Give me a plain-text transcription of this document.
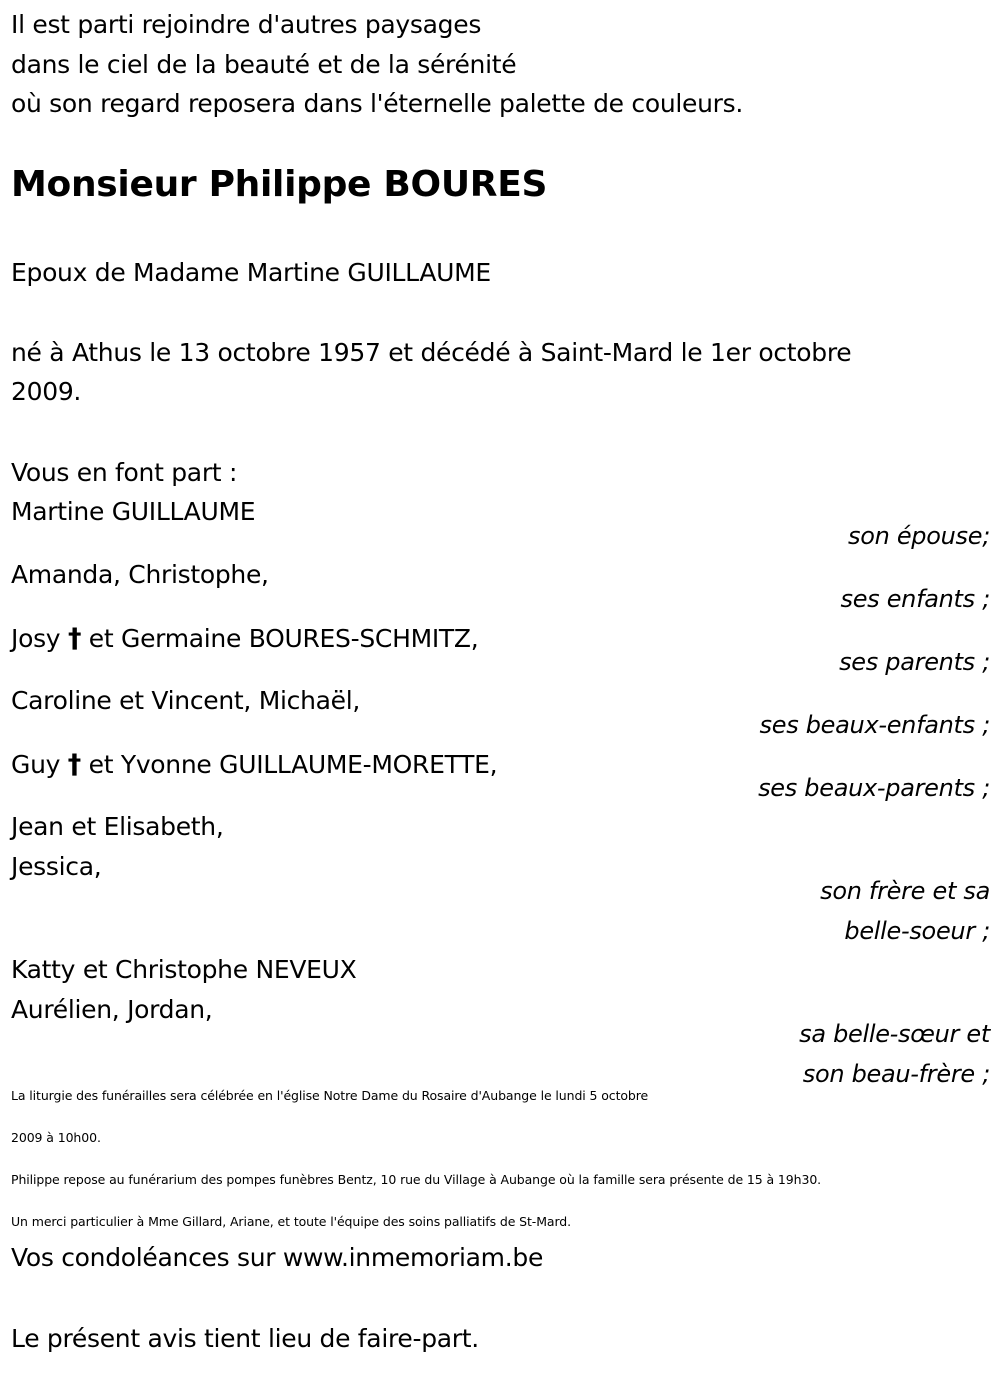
Il est parti rejoindre d'autres paysages
dans le ciel de la beauté et de la sérénité
où son regard reposera dans l'éternelle palette de couleurs.
Monsieur Philippe BOURES
Epoux de Madame Martine GUILLAUME
né à Athus le 13 octobre 1957 et décédé à Saint-Mard le 1er octobre
2009.
Vous en font part :
Martine GUILLAUME
son épouse;
Amanda, Christophe,
ses enfants ;
Josy † et Germaine BOURES-SCHMITZ,
ses parents ;
Caroline et Vincent, Michaël,
ses beaux-enfants ;
Guy † et Yvonne GUILLAUME-MORETTE,
ses beaux-parents ;
Jean et Elisabeth,
Jessica,
son frère et sa
belle-soeur ;
Katty et Christophe NEVEUX
Aurélien, Jordan,
sa belle-sœur et
son beau-frère ;
La liturgie des funérailles sera célébrée en l'église Notre Dame du Rosaire d'Aubange le lundi 5 octobre
2009 à 10h00.
Philippe repose au funérarium des pompes funèbres Bentz, 10 rue du Village à Aubange où la famille sera présente de 15 à 19h30.
Un merci particulier à Mme Gillard, Ariane, et toute l'équipe des soins palliatifs de St-Mard.
Vos condoléances sur www.inmemoriam.be
Le présent avis tient lieu de faire-part.
